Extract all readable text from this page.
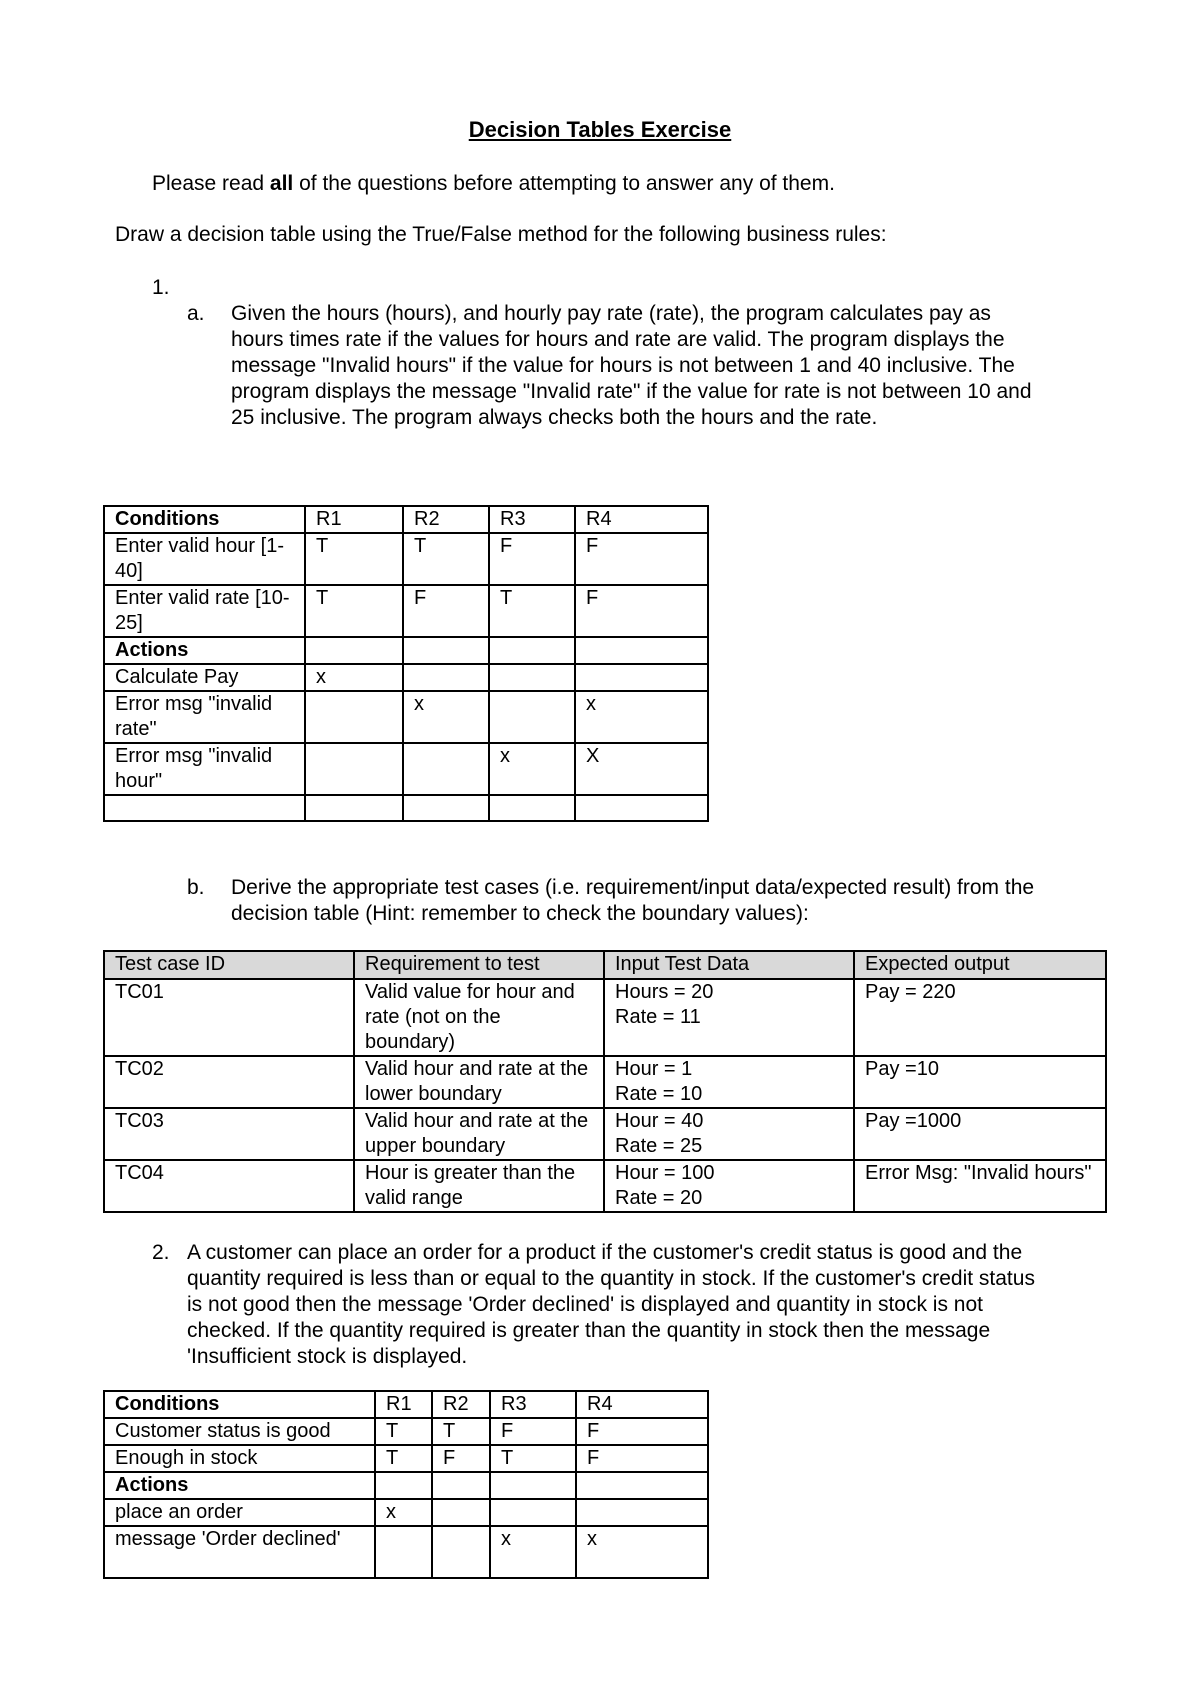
Decision Tables Exercise
Please read all of the questions before attempting to answer any of them.
Draw a decision table using the True/False method for the following business rules:
1.
a. Given the hours (hours), and hourly pay rate (rate), the program calculates pay as
hours times rate if the values for hours and rate are valid. The program displays the
message "Invalid hours" if the value for hours is not between 1 and 40 inclusive. The
program displays the message "Invalid rate" if the value for rate is not between 10 and
25 inclusive. The program always checks both the hours and the rate.
Conditions	R1	R2	R3	R4
Enter valid hour [1-40]	T	T	F	F
Enter valid rate [10-25]	T	F	T	F
Actions				
Calculate Pay	x			
Error msg "invalid rate"		x		x
Error msg "invalid hour"			x	X

b. Derive the appropriate test cases (i.e. requirement/input data/expected result) from the
decision table (Hint: remember to check the boundary values):
Test case ID	Requirement to test	Input Test Data	Expected output
TC01	Valid value for hour and rate (not on the boundary)	Hours = 20
Rate = 11	Pay = 220
TC02	Valid hour and rate at the lower boundary	Hour = 1
Rate = 10	Pay =10
TC03	Valid hour and rate at the upper boundary	Hour = 40
Rate = 25	Pay =1000
TC04	Hour is greater than the valid range	Hour = 100
Rate = 20	Error Msg: "Invalid hours"
2. A customer can place an order for a product if the customer's credit status is good and the
quantity required is less than or equal to the quantity in stock. If the customer's credit status
is not good then the message 'Order declined' is displayed and quantity in stock is not
checked. If the quantity required is greater than the quantity in stock then the message
'Insufficient stock is displayed.
Conditions	R1	R2	R3	R4
Customer status is good	T	T	F	F
Enough in stock	T	F	T	F
Actions				
place an order	x			
message 'Order declined'			x	x
